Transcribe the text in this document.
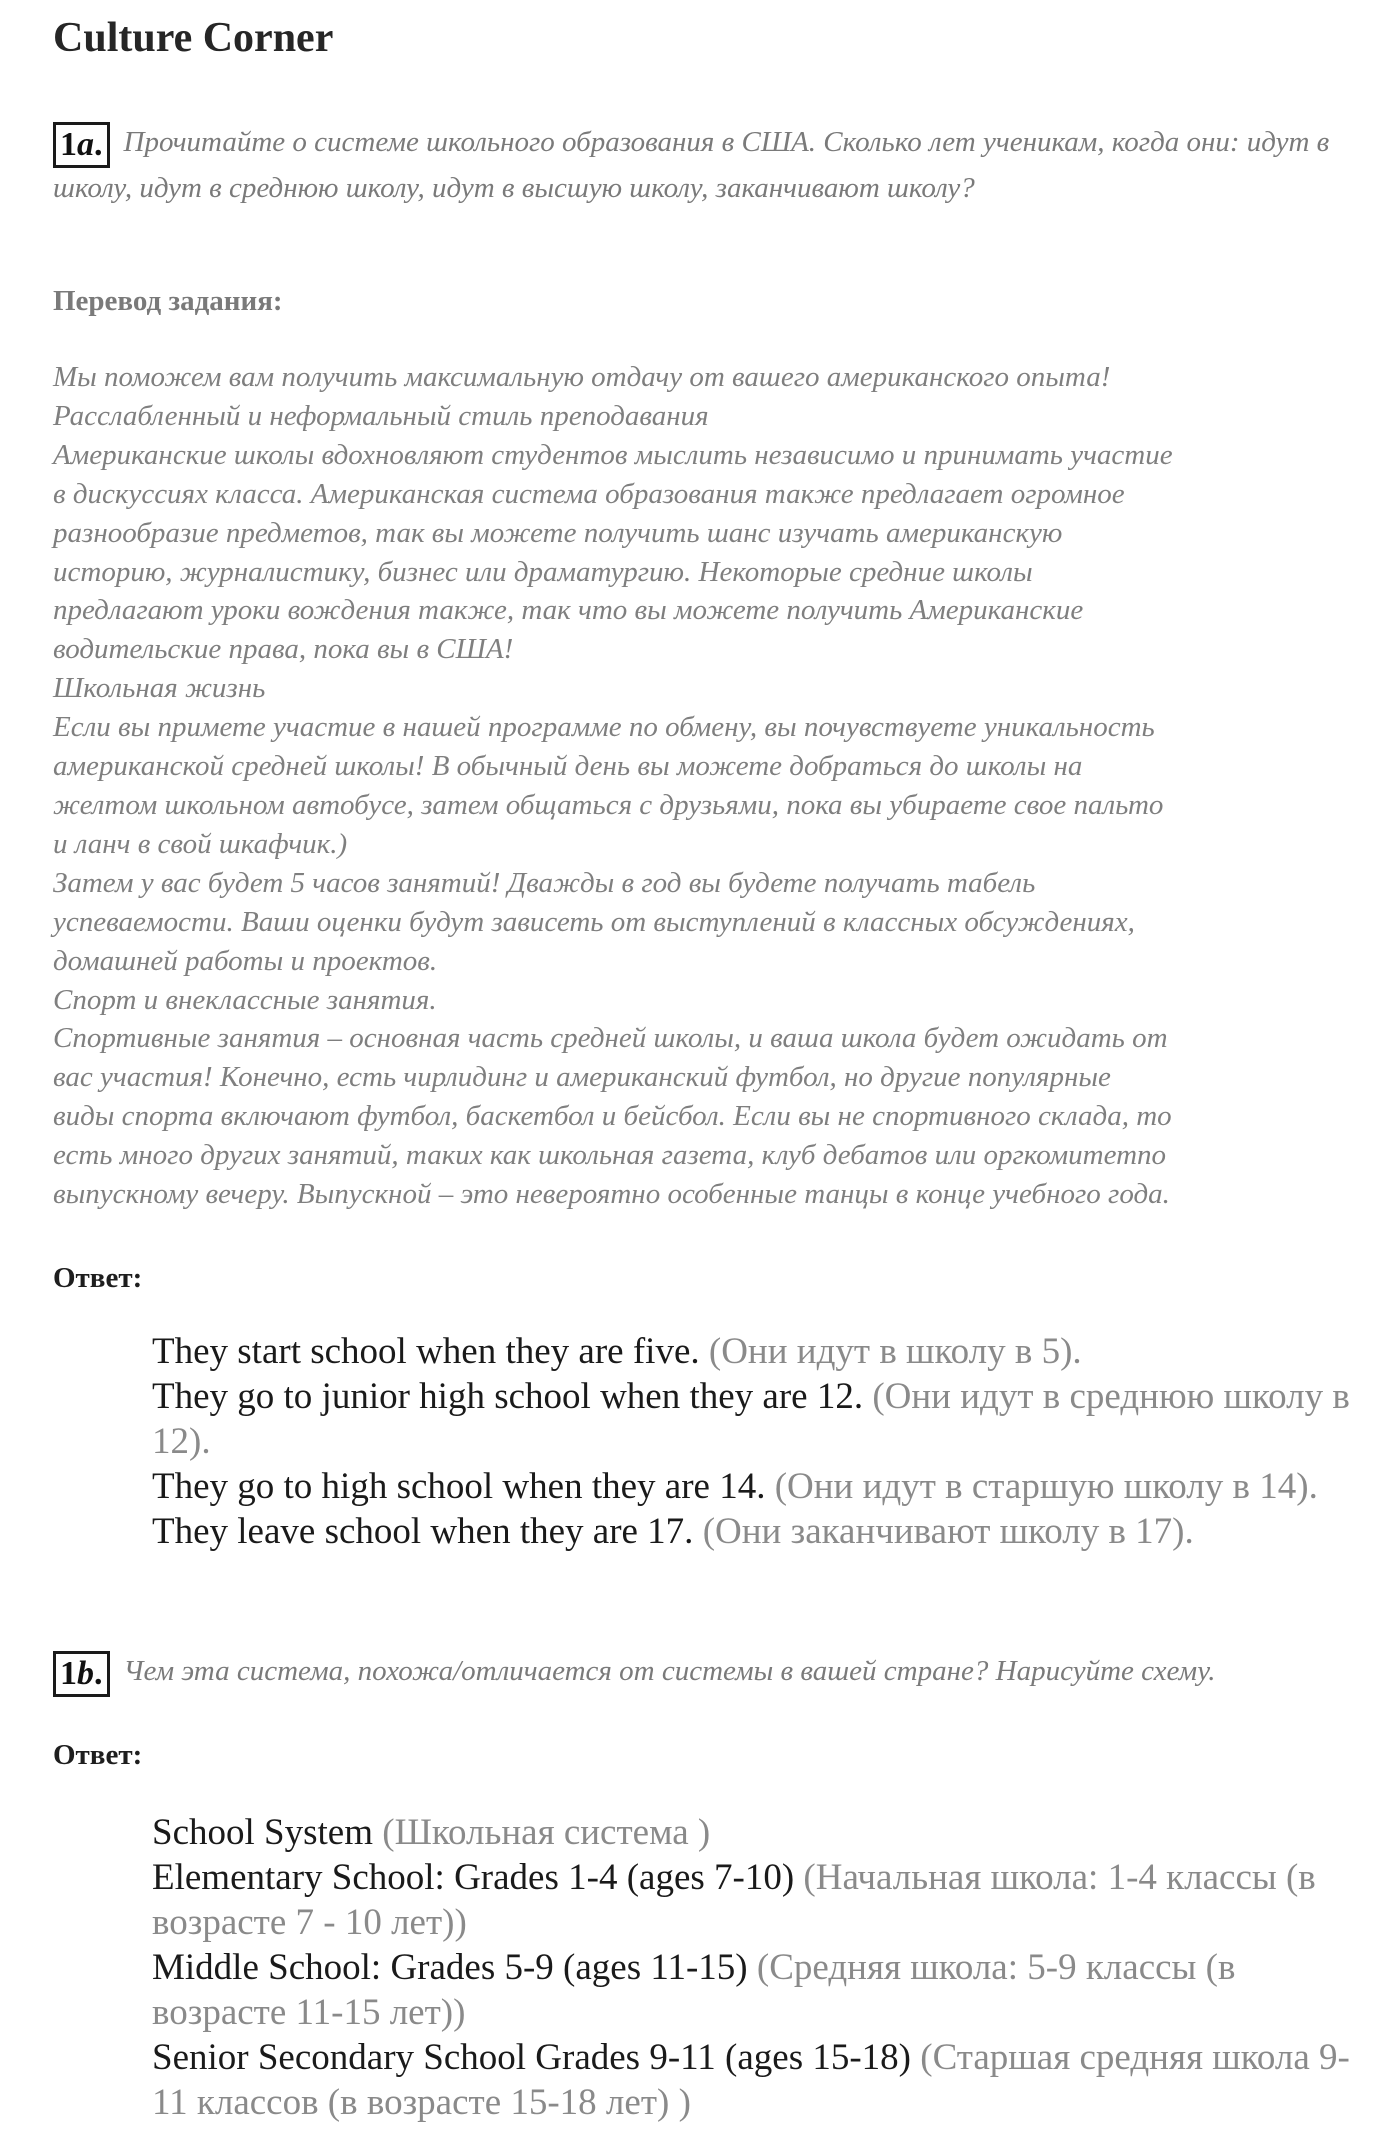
Culture Corner
1a. Прочитайте о системе школьного образования в США. Сколько лет ученикам, когда они: идут в школу, идут в среднюю школу, идут в высшую школу, заканчивают школу?
Перевод задания:
Мы поможем вам получить максимальную отдачу от вашего американского опыта!
Расслабленный и неформальный стиль преподавания
Американские школы вдохновляют студентов мыслить независимо и принимать участие
в дискуссиях класса. Американская система образования также предлагает огромное
разнообразие предметов, так вы можете получить шанс изучать американскую
историю, журналистику, бизнес или драматургию. Некоторые средние школы
предлагают уроки вождения также, так что вы можете получить Американские
водительские права, пока вы в США!
Школьная жизнь
Если вы примете участие в нашей программе по обмену, вы почувствуете уникальность
американской средней школы! В обычный день вы можете добраться до школы на
желтом школьном автобусе, затем общаться с друзьями, пока вы убираете свое пальто
и ланч в свой шкафчик.)
Затем у вас будет 5 часов занятий! Дважды в год вы будете получать табель
успеваемости. Ваши оценки будут зависеть от выступлений в классных обсуждениях,
домашней работы и проектов.
Спорт и внеклассные занятия.
Спортивные занятия – основная часть средней школы, и ваша школа будет ожидать от
вас участия! Конечно, есть чирлидинг и американский футбол, но другие популярные
виды спорта включают футбол, баскетбол и бейсбол. Если вы не спортивного склада, то
есть много других занятий, таких как школьная газета, клуб дебатов или оргкомитетпо
выпускному вечеру. Выпускной – это невероятно особенные танцы в конце учебного года.
Ответ:
They start school when they are five. (Они идут в школу в 5).
They go to junior high school when they are 12. (Они идут в среднюю школу в 12).
They go to high school when they are 14. (Они идут в старшую школу в 14).
They leave school when they are 17. (Они заканчивают школу в 17).
1b. Чем эта система, похожа/отличается от системы в вашей стране? Нарисуйте схему.
Ответ:
School System (Школьная система )
Elementary School: Grades 1-4 (ages 7-10) (Начальная школа: 1-4 классы (в возрасте 7 - 10 лет))
Middle School: Grades 5-9 (ages 11-15) (Средняя школа: 5-9 классы (в возрасте 11-15 лет))
Senior Secondary School Grades 9-11 (ages 15-18) (Старшая средняя школа 9-11 классов (в возрасте 15-18 лет) )
